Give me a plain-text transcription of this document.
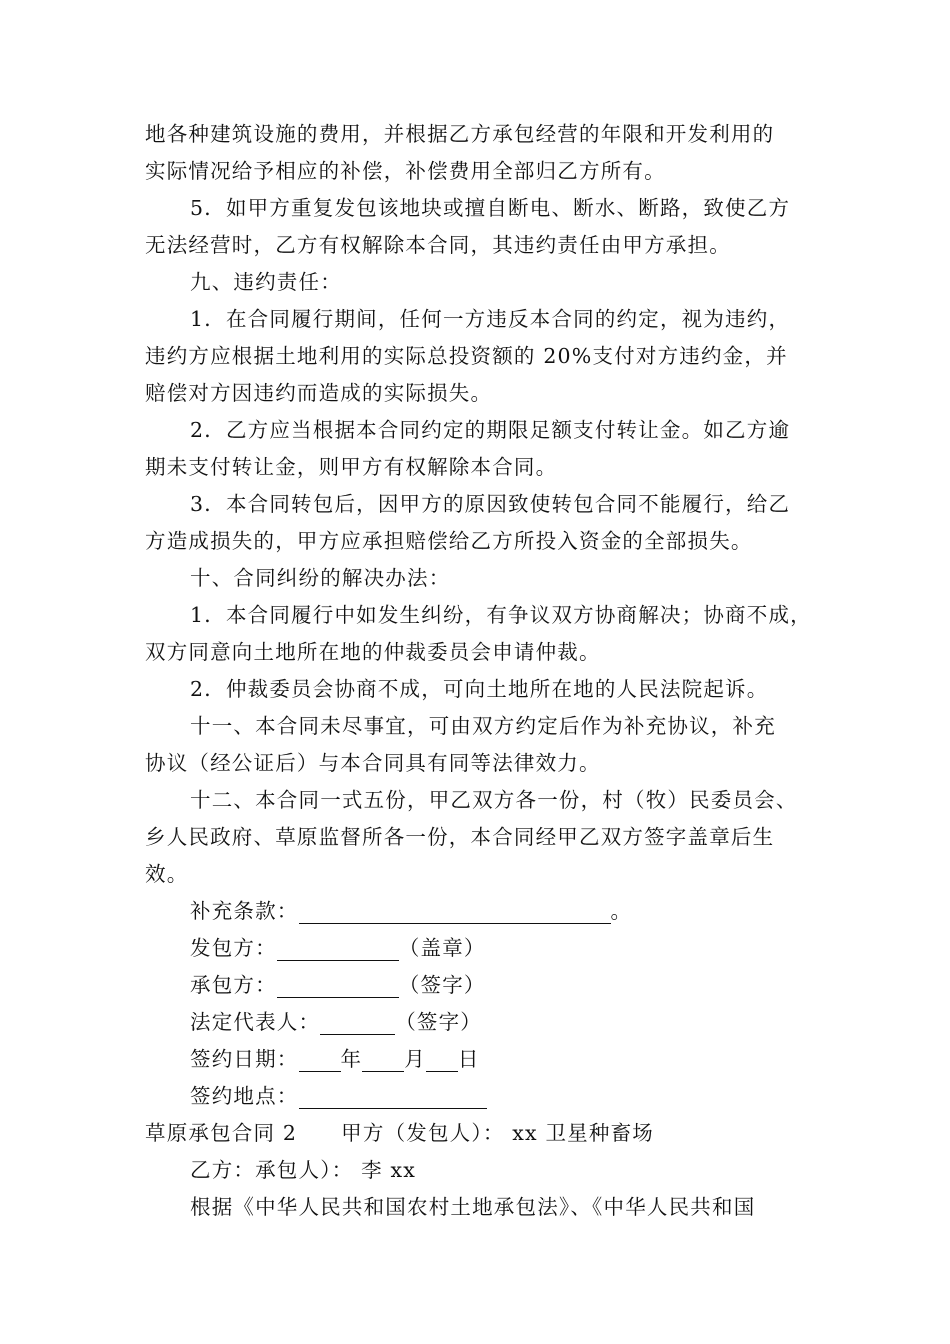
地各种建筑设施的费用，并根据乙方承包经营的年限和开发利用的
实际情况给予相应的补偿，补偿费用全部归乙方所有。

5．如甲方重复发包该地块或擅自断电、断水、断路，致使乙方
无法经营时，乙方有权解除本合同，其违约责任由甲方承担。

九、违约责任：

1．在合同履行期间，任何一方违反本合同的约定，视为违约，
违约方应根据土地利用的实际总投资额的 20%支付对方违约金，并
赔偿对方因违约而造成的实际损失。

2．乙方应当根据本合同约定的期限足额支付转让金。如乙方逾
期未支付转让金，则甲方有权解除本合同。

3．本合同转包后，因甲方的原因致使转包合同不能履行，给乙
方造成损失的，甲方应承担赔偿给乙方所投入资金的全部损失。

十、合同纠纷的解决办法：

1．本合同履行中如发生纠纷，有争议双方协商解决；协商不成，
双方同意向土地所在地的仲裁委员会申请仲裁。

2．仲裁委员会协商不成，可向土地所在地的人民法院起诉。

十一、本合同未尽事宜，可由双方约定后作为补充协议，补充
协议（经公证后）与本合同具有同等法律效力。

十二、本合同一式五份，甲乙双方各一份，村（牧）民委员会、
乡人民政府、草原监督所各一份，本合同经甲乙双方签字盖章后生
效。

补充条款：	。

发包方：	（盖章）

承包方：	（签字）

法定代表人：	（签字）

签约日期： 年 月 日

签约地点：

草原承包合同 2 甲方（发包人）： xx 卫星种畜场

乙方：承包人）： 李 xx

根据《中华人民共和国农村土地承包法》、《中华人民共和国
